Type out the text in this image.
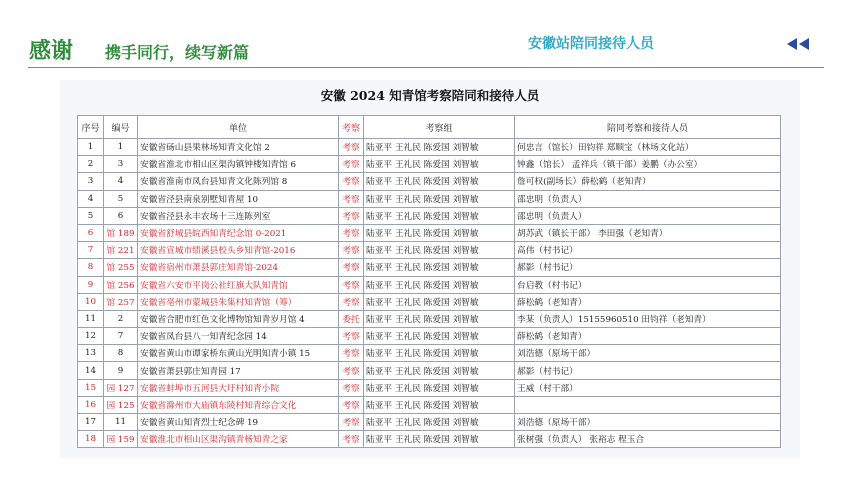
感谢 携手同行，续写新篇	安徽站陪同接待人员
安徽 2024 知青馆考察陪同和接待人员
序号	编号	单位	考察	考察组	陪同考察和接待人员
1	1	安徽省砀山县果林场知青文化馆 2	考察	陆亚平 王礼民 陈爱国 刘智敏	何忠言（馆长）田钧祥 郑顺宝（林场文化站）
2	3	安徽省淮北市相山区渠沟镇钟楼知青馆 6	考察	陆亚平 王礼民 陈爱国 刘智敏	钟鑫（馆长） 孟祥兵（镇干部）姜鹏（办公室）
3	4	安徽省淮南市凤台县知青文化陈列馆 8	考察	陆亚平 王礼民 陈爱国 刘智敏	詹可权(副场长）薛松鹤（老知青）
4	5	安徽省泾县南泉别墅知青屋 10	考察	陆亚平 王礼民 陈爱国 刘智敏	邵忠明（负责人）
5	6	安徽省泾县永丰农场十三连陈列室	考察	陆亚平 王礼民 陈爱国 刘智敏	邵忠明（负责人）
6	馆 189	安徽省舒城县皖西知青纪念馆 0-2021	考察	陆亚平 王礼民 陈爱国 刘智敏	胡苏武（镇长干部） 李田强（老知青）
7	馆 221	安徽省宣城市绩溪县校头乡知青馆-2016	考察	陆亚平 王礼民 陈爱国 刘智敏	高伟（村书记）
8	馆 255	安徽省宿州市萧县郭庄知青馆-2024	考察	陆亚平 王礼民 陈爱国 刘智敏	郝影（村书记）
9	馆 256	安徽省六安市平岗公社红旗大队知青馆	考察	陆亚平 王礼民 陈爱国 刘智敏	台启教（村书记）
10	馆 257	安徽省亳州市蒙城县朱集村知青馆（筹）	考察	陆亚平 王礼民 陈爱国 刘智敏	薛松鹤（老知青）
11	2	安徽省合肥市红色文化博物馆知青岁月馆 4	委托	陆亚平 王礼民 陈爱国 刘智敏	李某（负责人）15155960510 田钧祥（老知青）
12	7	安徽省凤台县八一知青纪念园 14	考察	陆亚平 王礼民 陈爱国 刘智敏	薛松鹤（老知青）
13	8	安徽省黄山市谭家桥东黄山光明知青小镇 15	考察	陆亚平 王礼民 陈爱国 刘智敏	刘浩德（原场干部）
14	9	安徽省萧县郭庄知青园 17	考察	陆亚平 王礼民 陈爱国 刘智敏	郝影（村书记）
15	园 127	安徽省蚌埠市五河县大圩村知青小院	考察	陆亚平 王礼民 陈爱国 刘智敏	王威（村干部）
16	园 125	安徽省滁州市大庙镇东陵村知青综合文化	考察	陆亚平 王礼民 陈爱国 刘智敏	
17	11	安徽省黄山知青烈士纪念碑 19	考察	陆亚平 王礼民 陈爱国 刘智敏	刘浩德（原场干部）
18	园 159	安徽淮北市相山区渠沟镇青杨知青之家	考察	陆亚平 王礼民 陈爱国 刘智敏	张树强（负责人） 张裕志 程玉合
